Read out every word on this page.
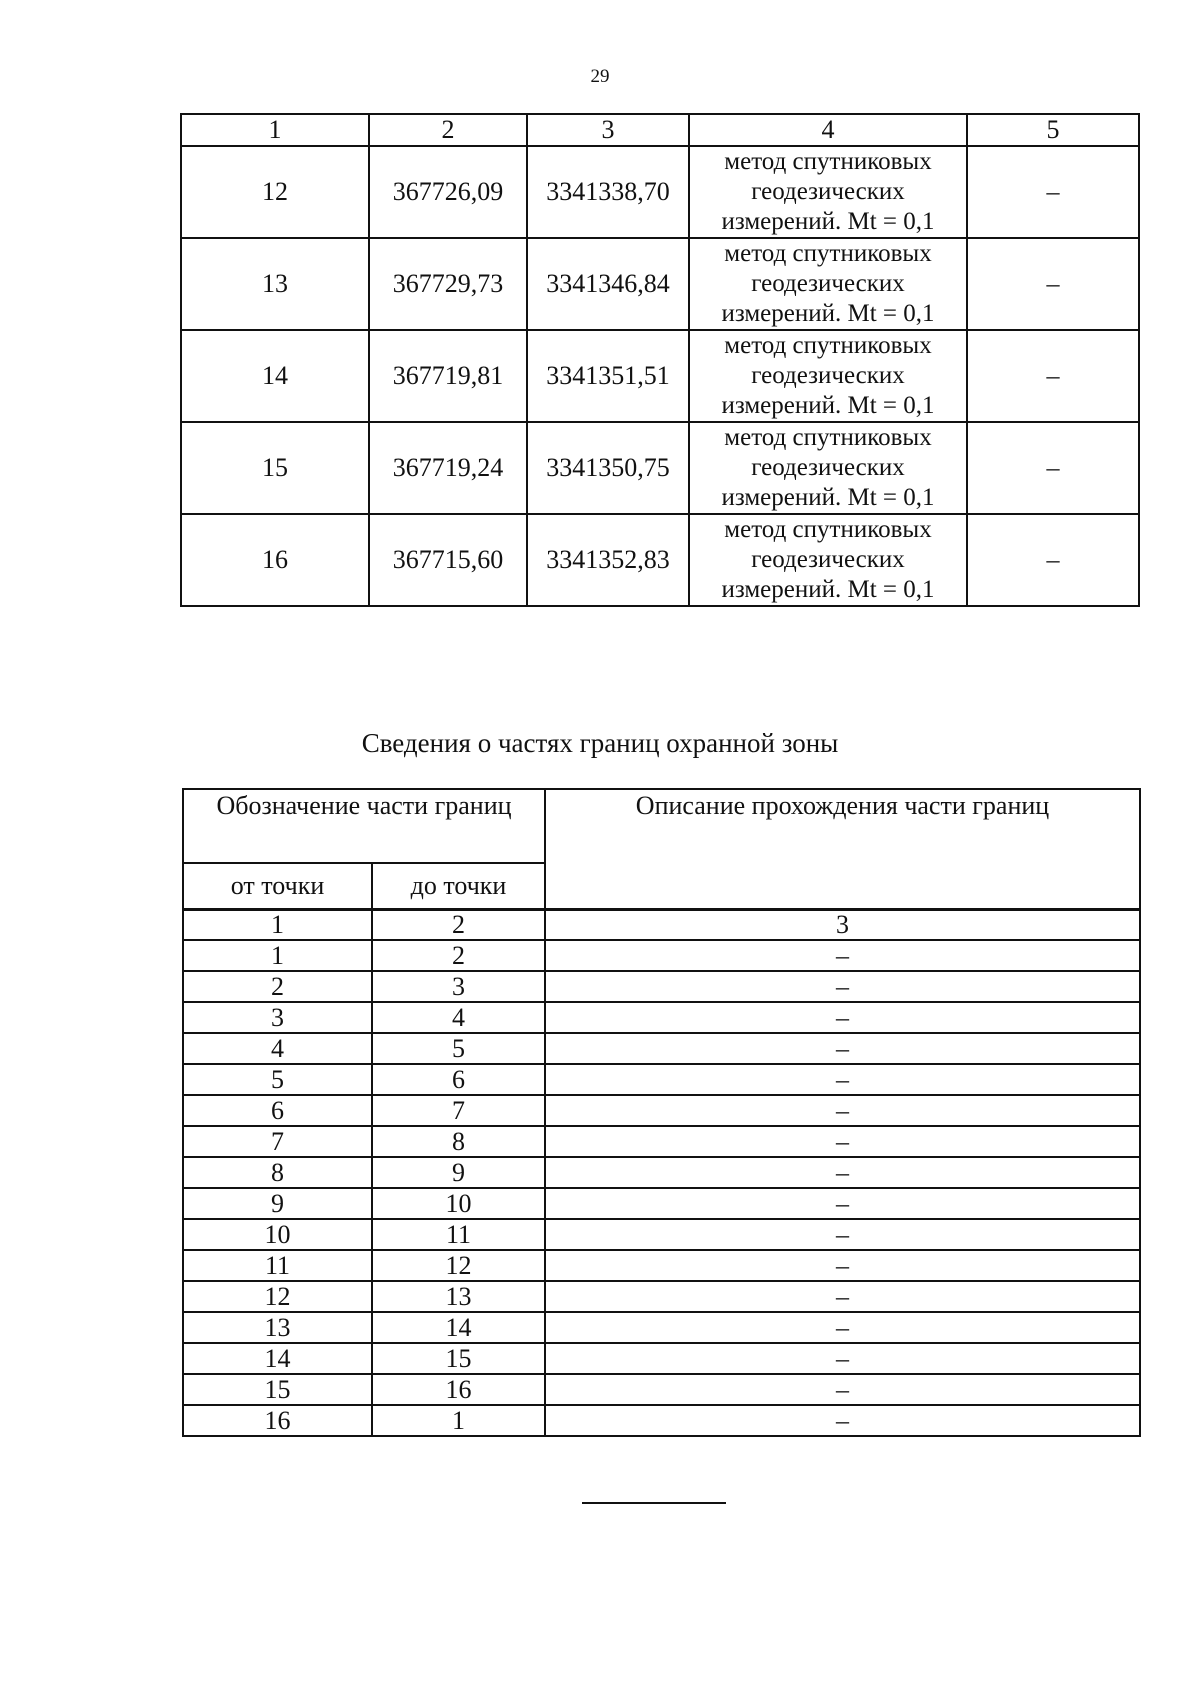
29
1	2	3	4	5
12	367726,09	3341338,70	метод спутниковых
геодезических
измерений. Mt = 0,1	–
13	367729,73	3341346,84	метод спутниковых
геодезических
измерений. Mt = 0,1	–
14	367719,81	3341351,51	метод спутниковых
геодезических
измерений. Mt = 0,1	–
15	367719,24	3341350,75	метод спутниковых
геодезических
измерений. Mt = 0,1	–
16	367715,60	3341352,83	метод спутниковых
геодезических
измерений. Mt = 0,1	–
Сведения о частях границ охранной зоны
Обозначение части границ		Описание прохождения части границ
от точки	до точки	
1	2	3
1	2	–
2	3	–
3	4	–
4	5	–
5	6	–
6	7	–
7	8	–
8	9	–
9	10	–
10	11	–
11	12	–
12	13	–
13	14	–
14	15	–
15	16	–
16	1	–
